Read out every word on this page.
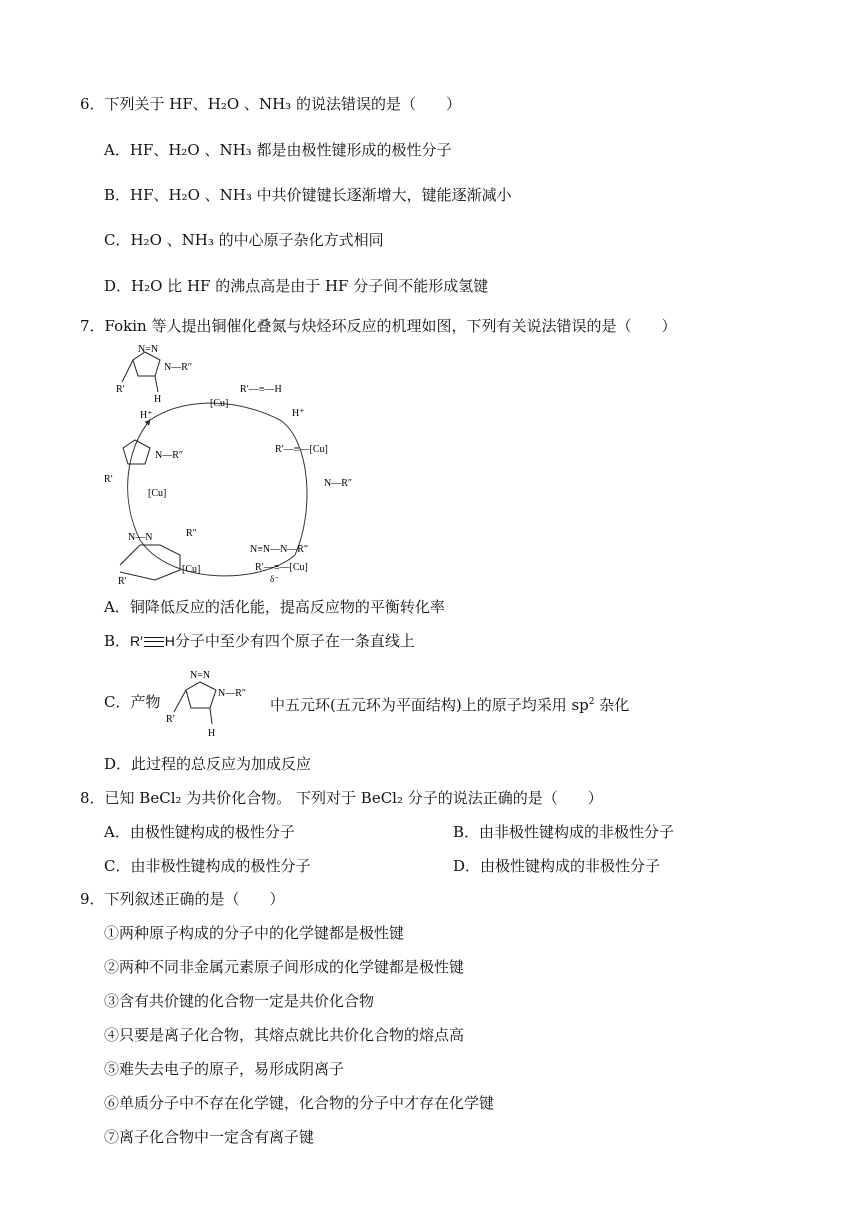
6．下列关于 HF、H₂O 、NH₃ 的说法错误的是（　　）
A．HF、H₂O 、NH₃ 都是由极性键形成的极性分子
B．HF、H₂O 、NH₃ 中共价键键长逐渐增大，键能逐渐减小
C．H₂O 、NH₃ 的中心原子杂化方式相同
D．H₂O 比 HF 的沸点高是由于 HF 分子间不能形成氢键
7．Fokin 等人提出铜催化叠氮与炔烃环反应的机理如图，下列有关说法错误的是（　　）
N=N
N—R″
R′
H	[Cu]
H⁺
R′—≡—H
H⁺
R′—≡—[Cu]
N—R″
N—R″
R′
[Cu]
N≡N—N—R″
R′—≡—[Cu]
δ⁻
N—N	R″
R′
[Cu]
A．铜降低反应的活化能，提高反应物的平衡转化率
B．R′ H分子中至少有四个原子在一条直线上
C．产物
N=N
N—R″
R′
H
中五元环(五元环为平面结构)上的原子均采用 $sp^2$ 杂化
D．此过程的总反应为加成反应
8．已知 BeCl₂ 为共价化合物。 下列对于 BeCl₂ 分子的说法正确的是（　　）
A．由极性键构成的极性分子	B．由非极性键构成的非极性分子
C．由非极性键构成的极性分子	D．由极性键构成的非极性分子
9．下列叙述正确的是（　　）
①两种原子构成的分子中的化学键都是极性键
②两种不同非金属元素原子间形成的化学键都是极性键
③含有共价键的化合物一定是共价化合物
④只要是离子化合物，其熔点就比共价化合物的熔点高
⑤难失去电子的原子，易形成阴离子
⑥单质分子中不存在化学键，化合物的分子中才存在化学键
⑦离子化合物中一定含有离子键
